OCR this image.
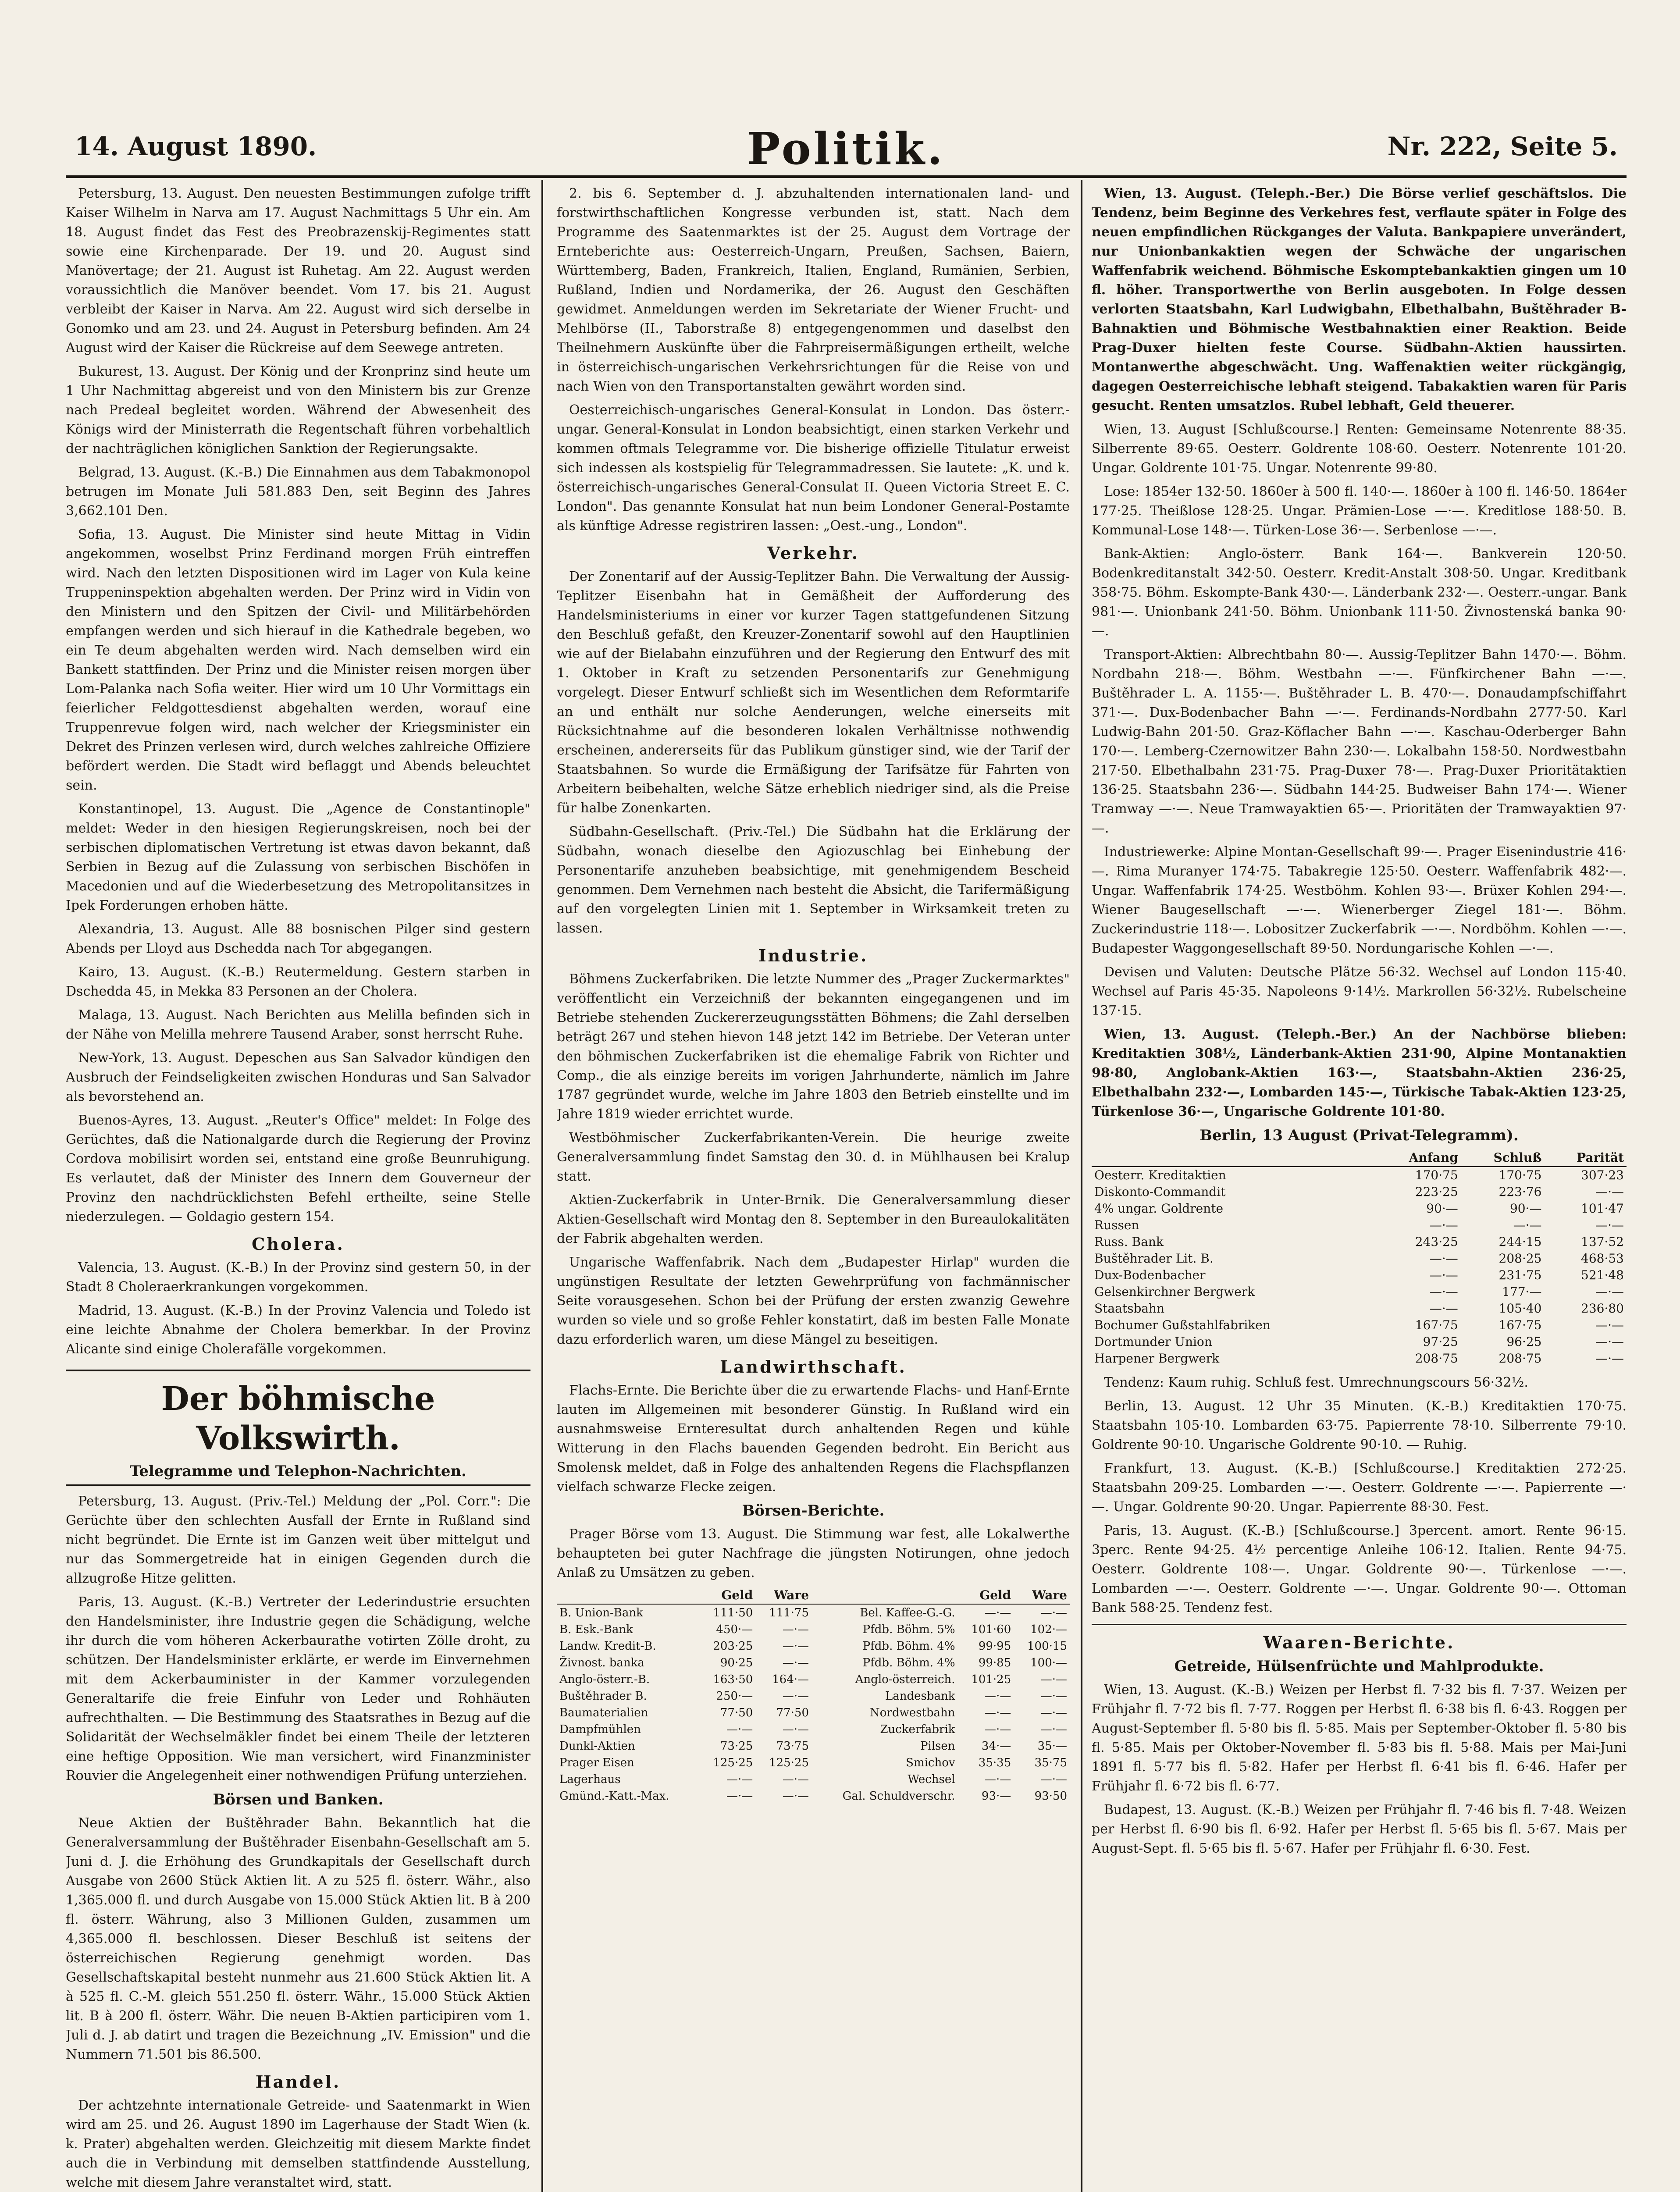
14. August 1890.	Politik.	Nr. 222, Seite 5.

Petersburg, 13. August. Den neuesten Bestimmungen zufolge trifft Kaiser Wilhelm in Narva am 17. August Nachmittags 5 Uhr ein. Am 18. August findet das Fest des Preobrazenskij-Regimentes statt sowie eine Kirchenparade. Der 19. und 20. August sind Manövertage; der 21. August ist Ruhetag. Am 22. August werden voraussichtlich die Manöver beendet. Vom 17. bis 21. August verbleibt der Kaiser in Narva. Am 22. August wird sich derselbe in Gonomko und am 23. und 24. August in Petersburg befinden. Am 24 August wird der Kaiser die Rückreise auf dem Seewege antreten.

Bukurest, 13. August. Der König und der Kronprinz sind heute um 1 Uhr Nachmittag abgereist und von den Ministern bis zur Grenze nach Predeal begleitet worden. Während der Abwesenheit des Königs wird der Ministerrath die Regentschaft führen vorbehaltlich der nachträglichen königlichen Sanktion der Regierungsakte.

Belgrad, 13. August. (K.-B.) Die Einnahmen aus dem Tabakmonopol betrugen im Monate Juli 581.883 Den, seit Beginn des Jahres 3,662.101 Den.

Sofia, 13. August. Die Minister sind heute Mittag in Vidin angekommen, woselbst Prinz Ferdinand morgen Früh eintreffen wird. Nach den letzten Dispositionen wird im Lager von Kula keine Truppeninspektion abgehalten werden. Der Prinz wird in Vidin von den Ministern und den Spitzen der Civil- und Militärbehörden empfangen werden und sich hierauf in die Kathedrale begeben, wo ein Te deum abgehalten werden wird. Nach demselben wird ein Bankett stattfinden. Der Prinz und die Minister reisen morgen über Lom-Palanka nach Sofia weiter. Hier wird um 10 Uhr Vormittags ein feierlicher Feldgottesdienst abgehalten werden, worauf eine Truppenrevue folgen wird, nach welcher der Kriegsminister ein Dekret des Prinzen verlesen wird, durch welches zahlreiche Offiziere befördert werden. Die Stadt wird beflaggt und Abends beleuchtet sein.

Konstantinopel, 13. August. Die „Agence de Constantinople" meldet: Weder in den hiesigen Regierungskreisen, noch bei der serbischen diplomatischen Vertretung ist etwas davon bekannt, daß Serbien in Bezug auf die Zulassung von serbischen Bischöfen in Macedonien und auf die Wiederbesetzung des Metropolitansitzes in Ipek Forderungen erhoben hätte.

Alexandria, 13. August. Alle 88 bosnischen Pilger sind gestern Abends per Lloyd aus Dschedda nach Tor abgegangen.

Kairo, 13. August. (K.-B.) Reutermeldung. Gestern starben in Dschedda 45, in Mekka 83 Personen an der Cholera.

Malaga, 13. August. Nach Berichten aus Melilla befinden sich in der Nähe von Melilla mehrere Tausend Araber, sonst herrscht Ruhe.

New-York, 13. August. Depeschen aus San Salvador kündigen den Ausbruch der Feindseligkeiten zwischen Honduras und San Salvador als bevorstehend an.

Buenos-Ayres, 13. August. „Reuter's Office" meldet: In Folge des Gerüchtes, daß die Nationalgarde durch die Regierung der Provinz Cordova mobilisirt worden sei, entstand eine große Beunruhigung. Es verlautet, daß der Minister des Innern dem Gouverneur der Provinz den nachdrücklichsten Befehl ertheilte, seine Stelle niederzulegen. — Goldagio gestern 154.

Cholera.

Valencia, 13. August. (K.-B.) In der Provinz sind gestern 50, in der Stadt 8 Choleraerkrankungen vorgekommen.

Madrid, 13. August. (K.-B.) In der Provinz Valencia und Toledo ist eine leichte Abnahme der Cholera bemerkbar. In der Provinz Alicante sind einige Cholerafälle vorgekommen.

Der böhmische Volkswirth.
Telegramme und Telephon-Nachrichten.

Petersburg, 13. August. (Priv.-Tel.) Meldung der „Pol. Corr.": Die Gerüchte über den schlechten Ausfall der Ernte in Rußland sind nicht begründet. Die Ernte ist im Ganzen weit über mittelgut und nur das Sommergetreide hat in einigen Gegenden durch die allzugroße Hitze gelitten.

Paris, 13. August. (K.-B.) Vertreter der Lederindustrie ersuchten den Handelsminister, ihre Industrie gegen die Schädigung, welche ihr durch die vom höheren Ackerbaurathe votirten Zölle droht, zu schützen. Der Handelsminister erklärte, er werde im Einvernehmen mit dem Ackerbauminister in der Kammer vorzulegenden Generaltarife die freie Einfuhr von Leder und Rohhäuten aufrechthalten. — Die Bestimmung des Staatsrathes in Bezug auf die Solidarität der Wechselmäkler findet bei einem Theile der letzteren eine heftige Opposition. Wie man versichert, wird Finanzminister Rouvier die Angelegenheit einer nothwendigen Prüfung unterziehen.

Börsen und Banken.

Neue Aktien der Buštěhrader Bahn. Bekanntlich hat die Generalversammlung der Buštěhrader Eisenbahn-Gesellschaft am 5. Juni d. J. die Erhöhung des Grundkapitals der Gesellschaft durch Ausgabe von 2600 Stück Aktien lit. A zu 525 fl. österr. Währ., also 1,365.000 fl. und durch Ausgabe von 15.000 Stück Aktien lit. B à 200 fl. österr. Währung, also 3 Millionen Gulden, zusammen um 4,365.000 fl. beschlossen. Dieser Beschluß ist seitens der österreichischen Regierung genehmigt worden. Das Gesellschaftskapital besteht nunmehr aus 21.600 Stück Aktien lit. A à 525 fl. C.-M. gleich 551.250 fl. österr. Währ., 15.000 Stück Aktien lit. B à 200 fl. österr. Währ. Die neuen B-Aktien participiren vom 1. Juli d. J. ab datirt und tragen die Bezeichnung „IV. Emission" und die Nummern 71.501 bis 86.500.

Handel.

Der achtzehnte internationale Getreide- und Saatenmarkt in Wien wird am 25. und 26. August 1890 im Lagerhause der Stadt Wien (k. k. Prater) abgehalten werden. Gleichzeitig mit diesem Markte findet auch die in Verbindung mit demselben stattfindende Ausstellung, welche mit diesem Jahre veranstaltet wird, statt.

2. bis 6. September d. J. abzuhaltenden internationalen land- und forstwirthschaftlichen Kongresse verbunden ist, statt. Nach dem Programme des Saatenmarktes ist der 25. August dem Vortrage der Ernteberichte aus: Oesterreich-Ungarn, Preußen, Sachsen, Baiern, Württemberg, Baden, Frankreich, Italien, England, Rumänien, Serbien, Rußland, Indien und Nordamerika, der 26. August den Geschäften gewidmet. Anmeldungen werden im Sekretariate der Wiener Frucht- und Mehlbörse (II., Taborstraße 8) entgegengenommen und daselbst den Theilnehmern Auskünfte über die Fahrpreisermäßigungen ertheilt, welche in österreichisch-ungarischen Verkehrsrichtungen für die Reise von und nach Wien von den Transportanstalten gewährt worden sind.

Oesterreichisch-ungarisches General-Konsulat in London. Das österr.-ungar. General-Konsulat in London beabsichtigt, einen starken Verkehr und kommen oftmals Telegramme vor. Die bisherige offizielle Titulatur erweist sich indessen als kostspielig für Telegrammadressen. Sie lautete: „K. und k. österreichisch-ungarisches General-Consulat II. Queen Victoria Street E. C. London". Das genannte Konsulat hat nun beim Londoner General-Postamte als künftige Adresse registriren lassen: „Oest.-ung., London".

Verkehr.

Der Zonentarif auf der Aussig-Teplitzer Bahn. Die Verwaltung der Aussig-Teplitzer Eisenbahn hat in Gemäßheit der Aufforderung des Handelsministeriums in einer vor kurzer Tagen stattgefundenen Sitzung den Beschluß gefaßt, den Kreuzer-Zonentarif sowohl auf den Hauptlinien wie auf der Bielabahn einzuführen und der Regierung den Entwurf des mit 1. Oktober in Kraft zu setzenden Personentarifs zur Genehmigung vorgelegt. Dieser Entwurf schließt sich im Wesentlichen dem Reformtarife an und enthält nur solche Aenderungen, welche einerseits mit Rücksichtnahme auf die besonderen lokalen Verhältnisse nothwendig erscheinen, andererseits für das Publikum günstiger sind, wie der Tarif der Staatsbahnen. So wurde die Ermäßigung der Tarifsätze für Fahrten von Arbeitern beibehalten, welche Sätze erheblich niedriger sind, als die Preise für halbe Zonenkarten.

Südbahn-Gesellschaft. (Priv.-Tel.) Die Südbahn hat die Erklärung der Südbahn, wonach dieselbe den Agiozuschlag bei Einhebung der Personentarife anzuheben beabsichtige, mit genehmigendem Bescheid genommen. Dem Vernehmen nach besteht die Absicht, die Tarifermäßigung auf den vorgelegten Linien mit 1. September in Wirksamkeit treten zu lassen.

Industrie.

Böhmens Zuckerfabriken. Die letzte Nummer des „Prager Zuckermarktes" veröffentlicht ein Verzeichniß der bekannten eingegangenen und im Betriebe stehenden Zuckererzeugungsstätten Böhmens; die Zahl derselben beträgt 267 und stehen hievon 148 jetzt 142 im Betriebe. Der Veteran unter den böhmischen Zuckerfabriken ist die ehemalige Fabrik von Richter und Comp., die als einzige bereits im vorigen Jahrhunderte, nämlich im Jahre 1787 gegründet wurde, welche im Jahre 1803 den Betrieb einstellte und im Jahre 1819 wieder errichtet wurde.

Westböhmischer Zuckerfabrikanten-Verein. Die heurige zweite Generalversammlung findet Samstag den 30. d. in Mühlhausen bei Kralup statt.

Aktien-Zuckerfabrik in Unter-Brnik. Die Generalversammlung dieser Aktien-Gesellschaft wird Montag den 8. September in den Bureaulokalitäten der Fabrik abgehalten werden.

Ungarische Waffenfabrik. Nach dem „Budapester Hirlap" wurden die ungünstigen Resultate der letzten Gewehrprüfung von fachmännischer Seite vorausgesehen. Schon bei der Prüfung der ersten zwanzig Gewehre wurden so viele und so große Fehler konstatirt, daß im besten Falle Monate dazu erforderlich waren, um diese Mängel zu beseitigen.

Landwirthschaft.

Flachs-Ernte. Die Berichte über die zu erwartende Flachs- und Hanf-Ernte lauten im Allgemeinen mit besonderer Günstig. In Rußland wird ein ausnahmsweise Ernteresultat durch anhaltenden Regen und kühle Witterung in den Flachs bauenden Gegenden bedroht. Ein Bericht aus Smolensk meldet, daß in Folge des anhaltenden Regens die Flachspflanzen vielfach schwarze Flecke zeigen.

Börsen-Berichte.

Prager Börse vom 13. August. Die Stimmung war fest, alle Lokalwerthe behaupteten bei guter Nachfrage die jüngsten Notirungen, ohne jedoch Anlaß zu Umsätzen zu geben.

	Geld	Ware		Geld	Ware
B. Union-Bank	111·50	111·75	Bel. Kaffee-G.-G.	—·—	—·—
B. Esk.-Bank	450·—	—·—	Pfdb. Böhm. 5%	101·60	102·—
Landw. Kredit-B.	203·25	—·—	Pfdb. Böhm. 4%	99·95	100·15
Živnost. banka	90·25	—·—	Pfdb. Böhm. 4%	99·85	100·—
Anglo-österr.-B.	163·50	164·—	Anglo-österreich.	101·25	—·—
Buštěhrader B.	250·—	—·—	Landesbank	—·—	—·—
Baumaterialien	77·50	77·50	Nordwestbahn	—·—	—·—
Dampfmühlen	—·—	—·—	Zuckerfabrik	—·—	—·—
Dunkl-Aktien	73·25	73·75	Pilsen	34·—	35·—
Prager Eisen	125·25	125·25	Smichov	35·35	35·75
Lagerhaus	—·—	—·—	Wechsel	—·—	—·—
Gmünd.-Katt.-Max.	—·—	—·—	Gal. Schuldverschr.	93·—	93·50

Wien, 13. August. (Teleph.-Ber.) Die Börse verlief geschäftslos. Die Tendenz, beim Beginne des Verkehres fest, verflaute später in Folge des neuen empfindlichen Rückganges der Valuta. Bankpapiere unverändert, nur Unionbankaktien wegen der Schwäche der ungarischen Waffenfabrik weichend. Böhmische Eskomptebankaktien gingen um 10 fl. höher. Transportwerthe von Berlin ausgeboten. In Folge dessen verlorten Staatsbahn, Karl Ludwigbahn, Elbethalbahn, Buštěhrader B-Bahnaktien und Böhmische Westbahnaktien einer Reaktion. Beide Prag-Duxer hielten feste Course. Südbahn-Aktien haussirten. Montanwerthe abgeschwächt. Ung. Waffenaktien weiter rückgängig, dagegen Oesterreichische lebhaft steigend. Tabakaktien waren für Paris gesucht. Renten umsatzlos. Rubel lebhaft, Geld theuerer.

Wien, 13. August [Schlußcourse.] Renten: Gemeinsame Notenrente 88·35. Silberrente 89·65. Oesterr. Goldrente 108·60. Oesterr. Notenrente 101·20. Ungar. Goldrente 101·75. Ungar. Notenrente 99·80.

Lose: 1854er 132·50. 1860er à 500 fl. 140·—. 1860er à 100 fl. 146·50. 1864er 177·25. Theißlose 128·25. Ungar. Prämien-Lose —·—. Kreditlose 188·50. B. Kommunal-Lose 148·—. Türken-Lose 36·—. Serbenlose —·—.

Bank-Aktien: Anglo-österr. Bank 164·—. Bankverein 120·50. Bodenkreditanstalt 342·50. Oesterr. Kredit-Anstalt 308·50. Ungar. Kreditbank 358·75. Böhm. Eskompte-Bank 430·—. Länderbank 232·—. Oesterr.-ungar. Bank 981·—. Unionbank 241·50. Böhm. Unionbank 111·50. Živnostenská banka 90·—.

Transport-Aktien: Albrechtbahn 80·—. Aussig-Teplitzer Bahn 1470·—. Böhm. Nordbahn 218·—. Böhm. Westbahn —·—. Fünfkirchener Bahn —·—. Buštěhrader L. A. 1155·—. Buštěhrader L. B. 470·—. Donaudampfschiffahrt 371·—. Dux-Bodenbacher Bahn —·—. Ferdinands-Nordbahn 2777·50. Karl Ludwig-Bahn 201·50. Graz-Köflacher Bahn —·—. Kaschau-Oderberger Bahn 170·—. Lemberg-Czernowitzer Bahn 230·—. Lokalbahn 158·50. Nordwestbahn 217·50. Elbethalbahn 231·75. Prag-Duxer 78·—. Prag-Duxer Prioritätaktien 136·25. Staatsbahn 236·—. Südbahn 144·25. Budweiser Bahn 174·—. Wiener Tramway —·—. Neue Tramwayaktien 65·—. Prioritäten der Tramwayaktien 97·—.

Industriewerke: Alpine Montan-Gesellschaft 99·—. Prager Eisenindustrie 416·—. Rima Muranyer 174·75. Tabakregie 125·50. Oesterr. Waffenfabrik 482·—. Ungar. Waffenfabrik 174·25. Westböhm. Kohlen 93·—. Brüxer Kohlen 294·—. Wiener Baugesellschaft —·—. Wienerberger Ziegel 181·—. Böhm. Zuckerindustrie 118·—. Lobositzer Zuckerfabrik —·—. Nordböhm. Kohlen —·—. Budapester Waggongesellschaft 89·50. Nordungarische Kohlen —·—.

Devisen und Valuten: Deutsche Plätze 56·32. Wechsel auf London 115·40. Wechsel auf Paris 45·35. Napoleons 9·14½. Markrollen 56·32½. Rubelscheine 137·15.

Wien, 13. August. (Teleph.-Ber.) An der Nachbörse blieben: Kreditaktien 308½, Länderbank-Aktien 231·90, Alpine Montanaktien 98·80, Anglobank-Aktien 163·—, Staatsbahn-Aktien 236·25, Elbethalbahn 232·—, Lombarden 145·—, Türkische Tabak-Aktien 123·25, Türkenlose 36·—, Ungarische Goldrente 101·80.

Berlin, 13 August (Privat-Telegramm).
	Anfang	Schluß	Parität
Oesterr. Kreditaktien	170·75	170·75	307·23
Diskonto-Commandit	223·25	223·76	—·—
4% ungar. Goldrente	90·—	90·—	101·47
Russen	—·—	—·—	—·—
Russ. Bank	243·25	244·15	137·52
Buštěhrader Lit. B.	—·—	208·25	468·53
Dux-Bodenbacher	—·—	231·75	521·48
Gelsenkirchner Bergwerk	—·—	177·—	—·—
Staatsbahn	—·—	105·40	236·80
Bochumer Gußstahlfabriken	167·75	167·75	—·—
Dortmunder Union	97·25	96·25	—·—
Harpener Bergwerk	208·75	208·75	—·—

Tendenz: Kaum ruhig. Schluß fest. Umrechnungscours 56·32½.

Berlin, 13. August. 12 Uhr 35 Minuten. (K.-B.) Kreditaktien 170·75. Staatsbahn 105·10. Lombarden 63·75. Papierrente 78·10. Silberrente 79·10. Goldrente 90·10. Ungarische Goldrente 90·10. — Ruhig.

Frankfurt, 13. August. (K.-B.) [Schlußcourse.] Kreditaktien 272·25. Staatsbahn 209·25. Lombarden —·—. Oesterr. Goldrente —·—. Papierrente —·—. Ungar. Goldrente 90·20. Ungar. Papierrente 88·30. Fest.

Paris, 13. August. (K.-B.) [Schlußcourse.] 3percent. amort. Rente 96·15. 3perc. Rente 94·25. 4½ percentige Anleihe 106·12. Italien. Rente 94·75. Oesterr. Goldrente 108·—. Ungar. Goldrente 90·—. Türkenlose —·—. Lombarden —·—. Oesterr. Goldrente —·—. Ungar. Goldrente 90·—. Ottoman Bank 588·25. Tendenz fest.

Waaren-Berichte.
Getreide, Hülsenfrüchte und Mahlprodukte.

Wien, 13. August. (K.-B.) Weizen per Herbst fl. 7·32 bis fl. 7·37. Weizen per Frühjahr fl. 7·72 bis fl. 7·77. Roggen per Herbst fl. 6·38 bis fl. 6·43. Roggen per August-September fl. 5·80 bis fl. 5·85. Mais per September-Oktober fl. 5·80 bis fl. 5·85. Mais per Oktober-November fl. 5·83 bis fl. 5·88. Mais per Mai-Juni 1891 fl. 5·77 bis fl. 5·82. Hafer per Herbst fl. 6·41 bis fl. 6·46. Hafer per Frühjahr fl. 6·72 bis fl. 6·77.

Budapest, 13. August. (K.-B.) Weizen per Frühjahr fl. 7·46 bis fl. 7·48. Weizen per Herbst fl. 6·90 bis fl. 6·92. Hafer per Herbst fl. 5·65 bis fl. 5·67. Mais per August-Sept. fl. 5·65 bis fl. 5·67. Hafer per Frühjahr fl. 6·30. Fest.
